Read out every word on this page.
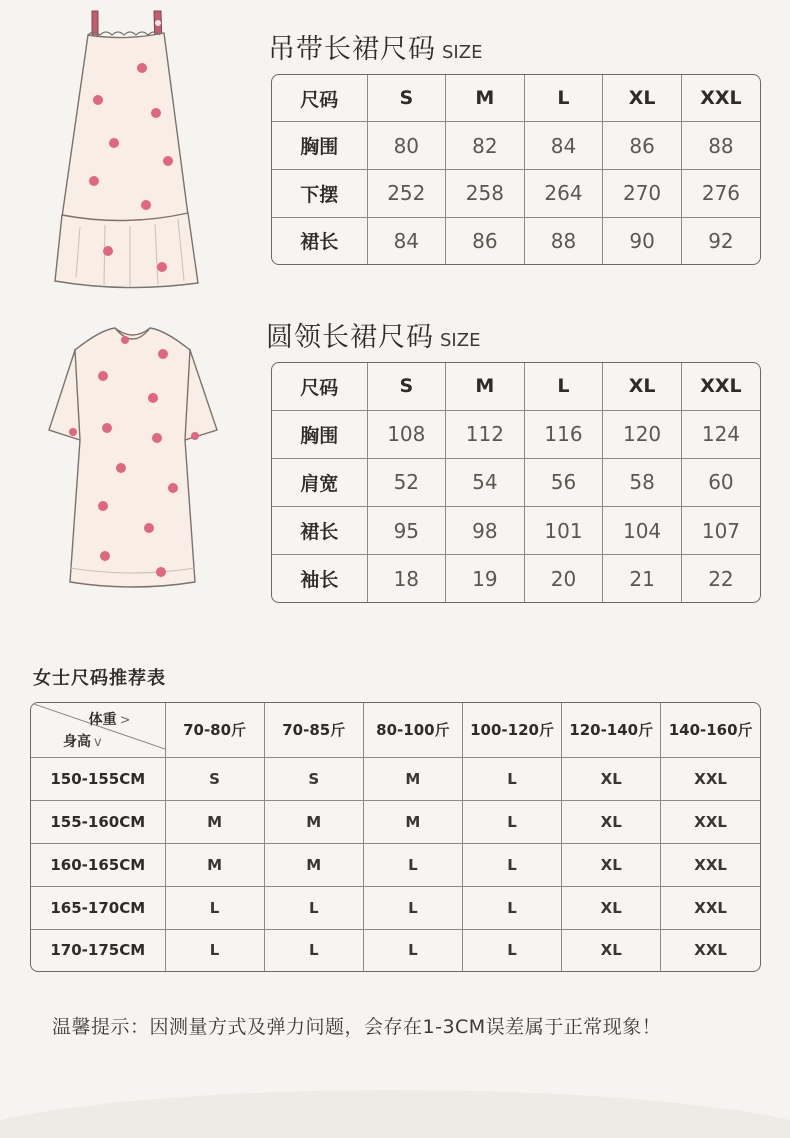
吊带长裙尺码 SIZE
尺码	S	M	L	XL	XXL
胸围	80	82	84	86	88
下摆	252	258	264	270	276
裙长	84	86	88	90	92
圆领长裙尺码 SIZE
尺码	S	M	L	XL	XXL
胸围	108	112	116	120	124
肩宽	52	54	56	58	60
裙长	95	98	101	104	107
袖长	18	19	20	21	22
女士尺码推荐表
体重 >
身高 v	70-80斤	70-85斤	80-100斤	100-120斤	120-140斤	140-160斤
150-155CM	S	S	M	L	XL	XXL
155-160CM	M	M	M	L	XL	XXL
160-165CM	M	M	L	L	XL	XXL
165-170CM	L	L	L	L	XL	XXL
170-175CM	L	L	L	L	XL	XXL
温馨提示：因测量方式及弹力问题，会存在1-3CM误差属于正常现象！
